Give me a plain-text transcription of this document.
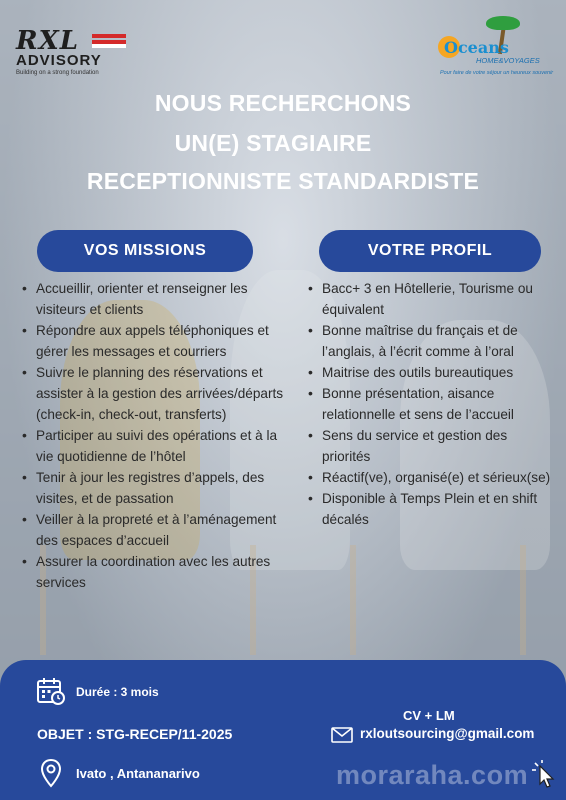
RXL
ADVISORY
Building on a strong foundation
Oceans
HOME&VOYAGES
Pour faire de votre séjour un heureux souvenir
NOUS RECHERCHONS
UN(E) STAGIAIRE
RECEPTIONNISTE STANDARDISTE
VOS MISSIONS	VOTRE PROFIL
• Accueillir, orienter et renseigner les visiteurs et clients
• Répondre aux appels téléphoniques et gérer les messages et courriers
• Suivre le planning des réservations et assister à la gestion des arrivées/départs (check-in, check-out, transferts)
• Participer au suivi des opérations et à la vie quotidienne de l’hôtel
• Tenir à jour les registres d’appels, des visites, et de passation
• Veiller à la propreté et à l’aménagement des espaces d’accueil
• Assurer la coordination avec les autres services
• Bacc+ 3 en Hôtellerie, Tourisme ou équivalent
• Bonne maîtrise du français et de l’anglais, à l’écrit comme à l’oral
• Maitrise des outils bureautiques
• Bonne présentation, aisance relationnelle et sens de l’accueil
• Sens du service et gestion des priorités
• Réactif(ve), organisé(e) et sérieux(se)
• Disponible à Temps Plein et en shift décalés
Durée : 3 mois
OBJET : STG-RECEP/11-2025
Ivato , Antananarivo
CV + LM
rxloutsourcing@gmail.com
moraraha.com
